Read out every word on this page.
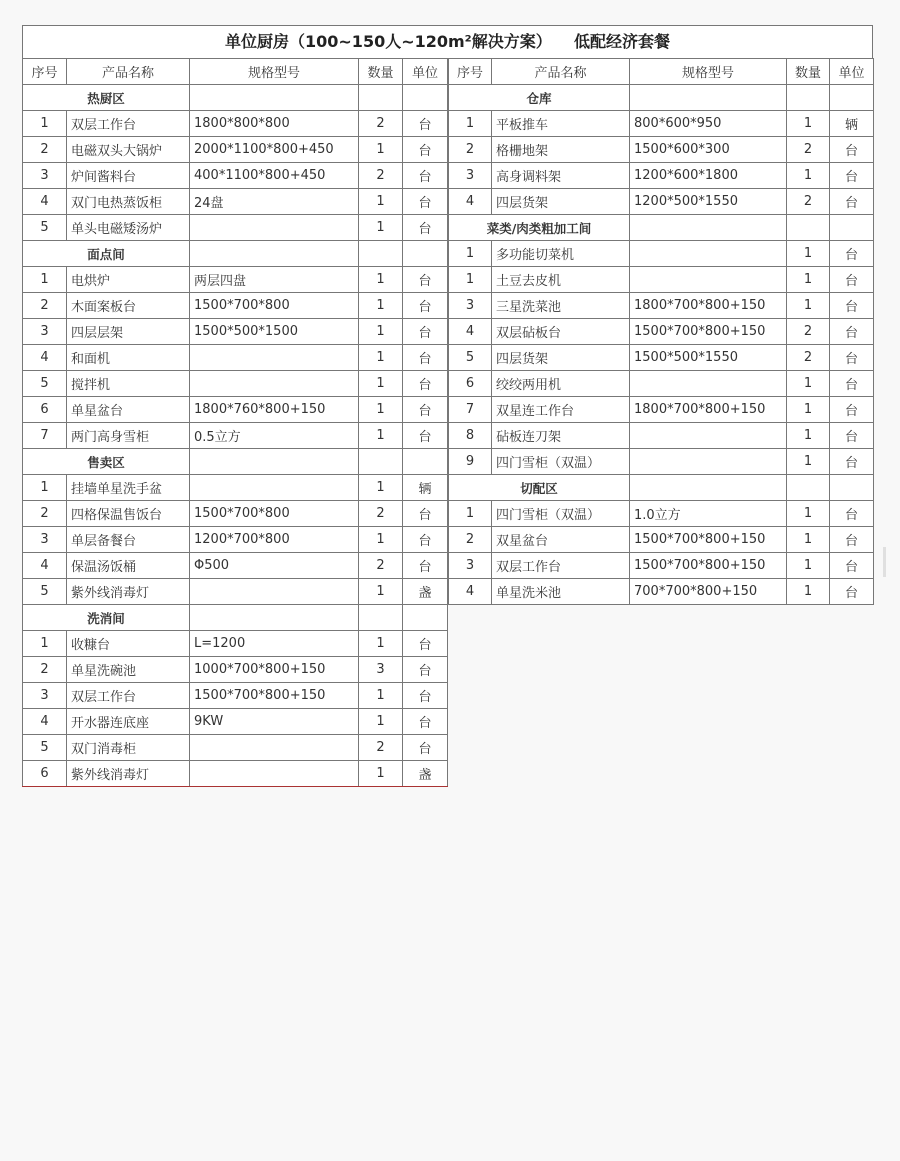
单位厨房（100~150人~120m²解决方案）    低配经济套餐
序号	产品名称	规格型号	数量	单位
热厨区				
1	双层工作台	1800*800*800	2	台
2	电磁双头大锅炉	2000*1100*800+450	1	台
3	炉间酱料台	400*1100*800+450	2	台
4	双门电热蒸饭柜	24盘	1	台
5	单头电磁矮汤炉		1	台
面点间				
1	电烘炉	两层四盘	1	台
2	木面案板台	1500*700*800	1	台
3	四层层架	1500*500*1500	1	台
4	和面机		1	台
5	搅拌机		1	台
6	单星盆台	1800*760*800+150	1	台
7	两门高身雪柜	0.5立方	1	台
售卖区				
1	挂墙单星洗手盆		1	辆
2	四格保温售饭台	1500*700*800	2	台
3	单层备餐台	1200*700*800	1	台
4	保温汤饭桶	Φ500	2	台
5	紫外线消毒灯		1	盏
洗消间				
1	收糠台	L=1200	1	台
2	单星洗碗池	1000*700*800+150	3	台
3	双层工作台	1500*700*800+150	1	台
4	开水器连底座	9KW	1	台
5	双门消毒柜		2	台
6	紫外线消毒灯		1	盏
序号	产品名称	规格型号	数量	单位
仓库				
1	平板推车	800*600*950	1	辆
2	格栅地架	1500*600*300	2	台
3	高身调料架	1200*600*1800	1	台
4	四层货架	1200*500*1550	2	台
菜类/肉类粗加工间				
1	多功能切菜机		1	台
1	土豆去皮机		1	台
3	三星洗菜池	1800*700*800+150	1	台
4	双层砧板台	1500*700*800+150	2	台
5	四层货架	1500*500*1550	2	台
6	绞绞两用机		1	台
7	双星连工作台	1800*700*800+150	1	台
8	砧板连刀架		1	台
9	四门雪柜（双温）		1	台
切配区				
1	四门雪柜（双温）	1.0立方	1	台
2	双星盆台	1500*700*800+150	1	台
3	双层工作台	1500*700*800+150	1	台
4	单星洗米池	700*700*800+150	1	台
